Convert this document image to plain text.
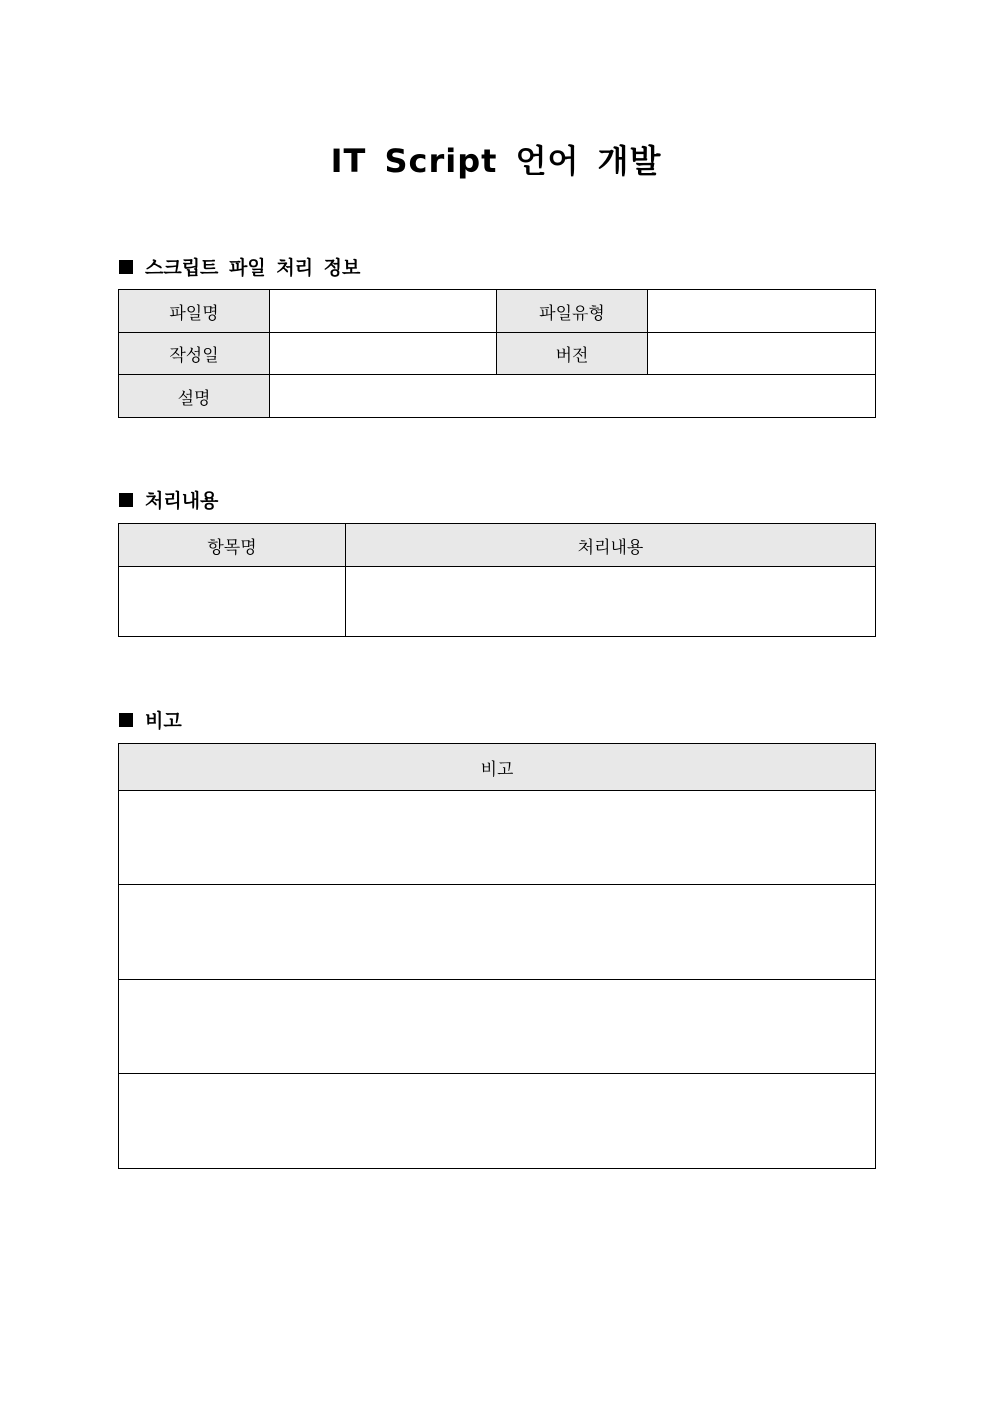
IT Script 언어 개발
스크립트 파일 처리 정보
파일명		파일유형	
작성일		버전	
설명			
처리내용
항목명	처리내용

비고
비고
